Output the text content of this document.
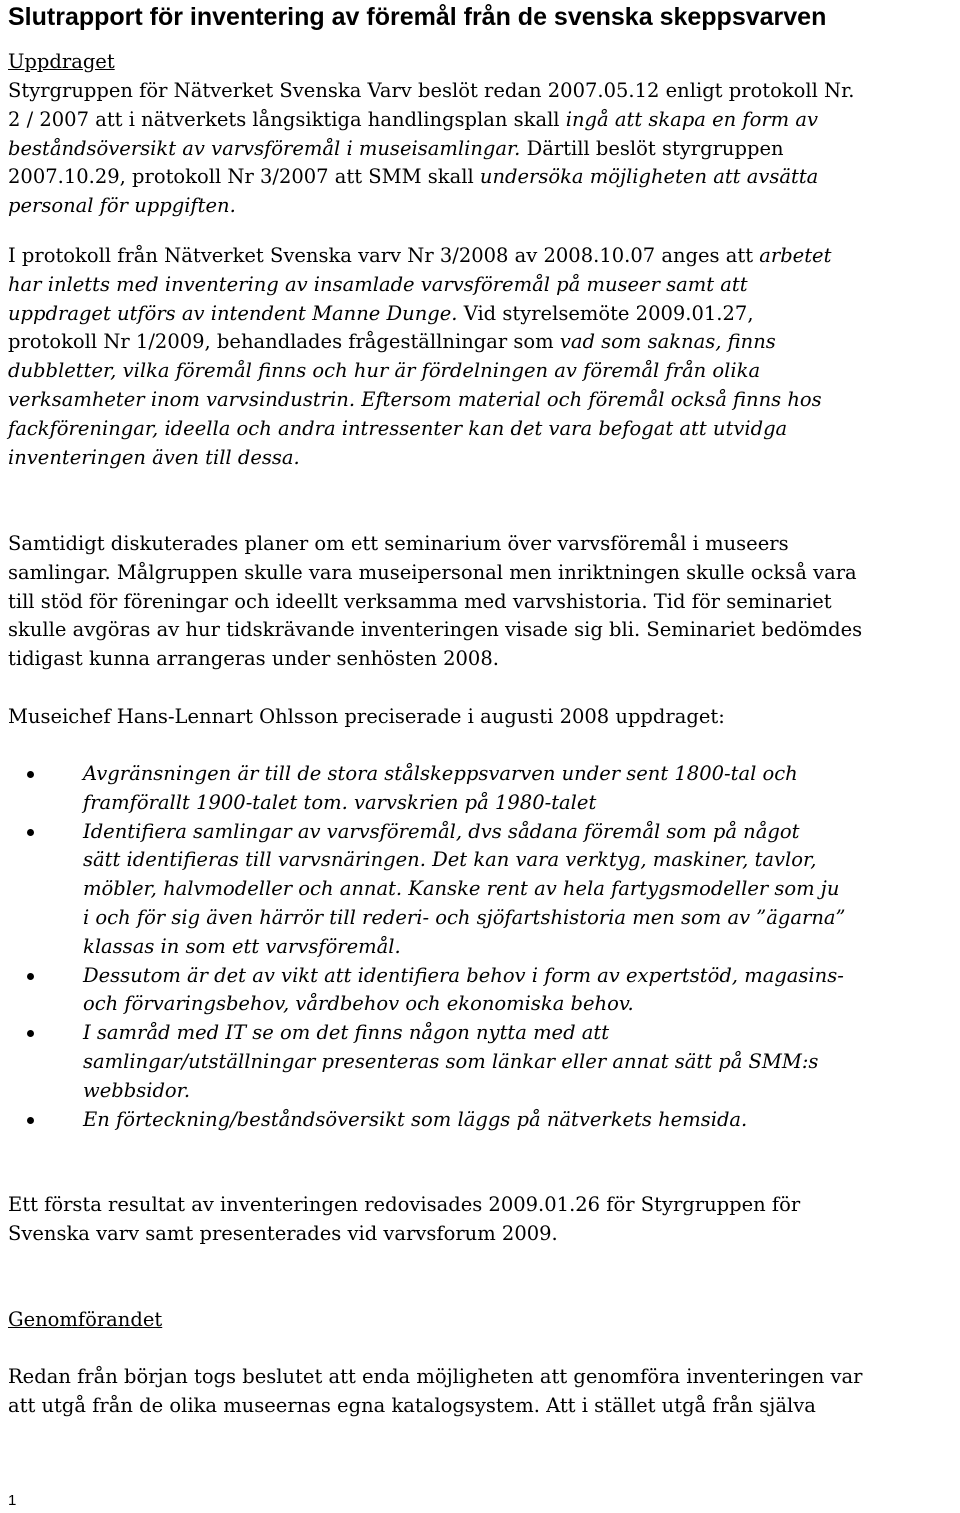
Slutrapport för inventering av föremål från de svenska skeppsvarven
Uppdraget
Styrgruppen för Nätverket Svenska Varv beslöt redan 2007.05.12 enligt protokoll Nr.
2 / 2007 att i nätverkets långsiktiga handlingsplan skall ingå att skapa en form av
beståndsöversikt av varvsföremål i museisamlingar. Därtill beslöt styrgruppen
2007.10.29, protokoll Nr 3/2007 att SMM skall undersöka möjligheten att avsätta
personal för uppgiften.
I protokoll från Nätverket Svenska varv Nr 3/2008 av 2008.10.07 anges att arbetet
har inletts med inventering av insamlade varvsföremål på museer samt att
uppdraget utförs av intendent Manne Dunge. Vid styrelsemöte 2009.01.27,
protokoll Nr 1/2009, behandlades frågeställningar som vad som saknas, finns
dubbletter, vilka föremål finns och hur är fördelningen av föremål från olika
verksamheter inom varvsindustrin. Eftersom material och föremål också finns hos
fackföreningar, ideella och andra intressenter kan det vara befogat att utvidga
inventeringen även till dessa.
Samtidigt diskuterades planer om ett seminarium över varvsföremål i museers
samlingar. Målgruppen skulle vara museipersonal men inriktningen skulle också vara
till stöd för föreningar och ideellt verksamma med varvshistoria. Tid för seminariet
skulle avgöras av hur tidskrävande inventeringen visade sig bli. Seminariet bedömdes
tidigast kunna arrangeras under senhösten 2008.
Museichef Hans-Lennart Ohlsson preciserade i augusti 2008 uppdraget:
Avgränsningen är till de stora stålskeppsvarven under sent 1800-tal och
framförallt 1900-talet tom. varvskrien på 1980-talet
Identifiera samlingar av varvsföremål, dvs sådana föremål som på något
sätt identifieras till varvsnäringen. Det kan vara verktyg, maskiner, tavlor,
möbler, halvmodeller och annat. Kanske rent av hela fartygsmodeller som ju
i och för sig även härrör till rederi- och sjöfartshistoria men som av ”ägarna”
klassas in som ett varvsföremål.
Dessutom är det av vikt att identifiera behov i form av expertstöd, magasins-
och förvaringsbehov, vårdbehov och ekonomiska behov.
I samråd med IT se om det finns någon nytta med att
samlingar/utställningar presenteras som länkar eller annat sätt på SMM:s
webbsidor.
En förteckning/beståndsöversikt som läggs på nätverkets hemsida.
Ett första resultat av inventeringen redovisades 2009.01.26 för Styrgruppen för
Svenska varv samt presenterades vid varvsforum 2009.
Genomförandet
Redan från början togs beslutet att enda möjligheten att genomföra inventeringen var
att utgå från de olika museernas egna katalogsystem. Att i stället utgå från själva
1
